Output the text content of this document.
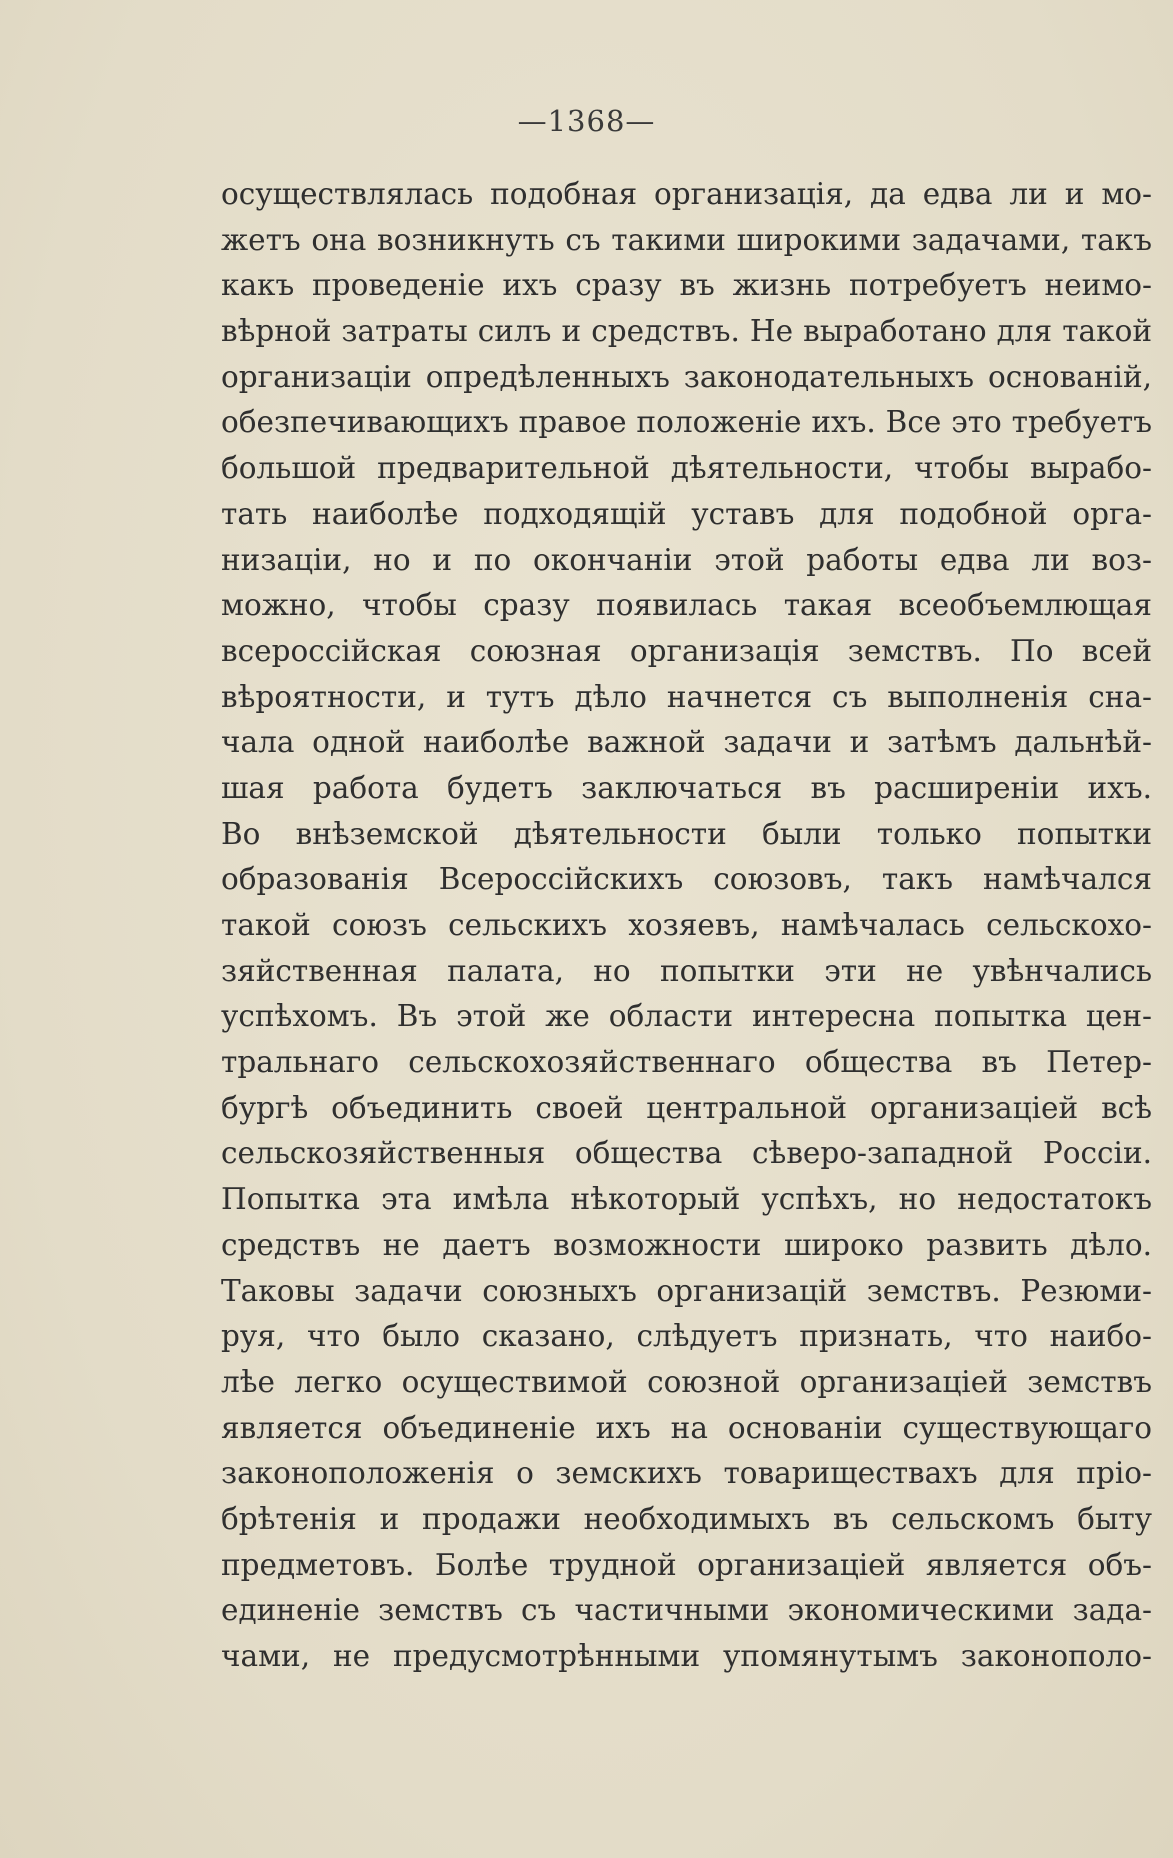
—1368—
осуществлялась подобная организацiя, да едва ли и мо-
жетъ она возникнуть съ такими широкими задачами, такъ
какъ проведенiе ихъ сразу въ жизнь потребуетъ неимо-
вѣрной затраты силъ и средствъ. Не выработано для такой
организацiи опредѣленныхъ законодательныхъ основанiй,
обезпечивающихъ правое положенiе ихъ. Все это требуетъ
большой предварительной дѣятельности, чтобы вырабо-
тать наиболѣе подходящiй уставъ для подобной орга-
низацiи, но и по окончанiи этой работы едва ли воз-
можно, чтобы сразу появилась такая всеобъемлющая
всероссiйская союзная организацiя земствъ. По всей
вѣроятности, и тутъ дѣло начнется съ выполненiя сна-
чала одной наиболѣе важной задачи и затѣмъ дальнѣй-
шая работа будетъ заключаться въ расширенiи ихъ.
Во внѣземской дѣятельности были только попытки
образованiя Всероссiйскихъ союзовъ, такъ намѣчался
такой союзъ сельскихъ хозяевъ, намѣчалась сельскохо-
зяйственная палата, но попытки эти не увѣнчались
успѣхомъ. Въ этой же области интересна попытка цен-
тральнаго сельскохозяйственнаго общества въ Петер-
бургѣ объединить своей центральной организацiей всѣ
сельскозяйственныя общества сѣверо-западной Россiи.
Попытка эта имѣла нѣкоторый успѣхъ, но недостатокъ
средствъ не даетъ возможности широко развить дѣло.
Таковы задачи союзныхъ организацiй земствъ. Резюми-
руя, что было сказано, слѣдуетъ признать, что наибо-
лѣе легко осуществимой союзной организацiей земствъ
является объединенiе ихъ на основанiи существующаго
законоположенiя о земскихъ товариществахъ для прiо-
брѣтенiя и продажи необходимыхъ въ сельскомъ быту
предметовъ. Болѣе трудной организацiей является объ-
единенiе земствъ съ частичными экономическими зада-
чами, не предусмотрѣнными упомянутымъ законополо-
